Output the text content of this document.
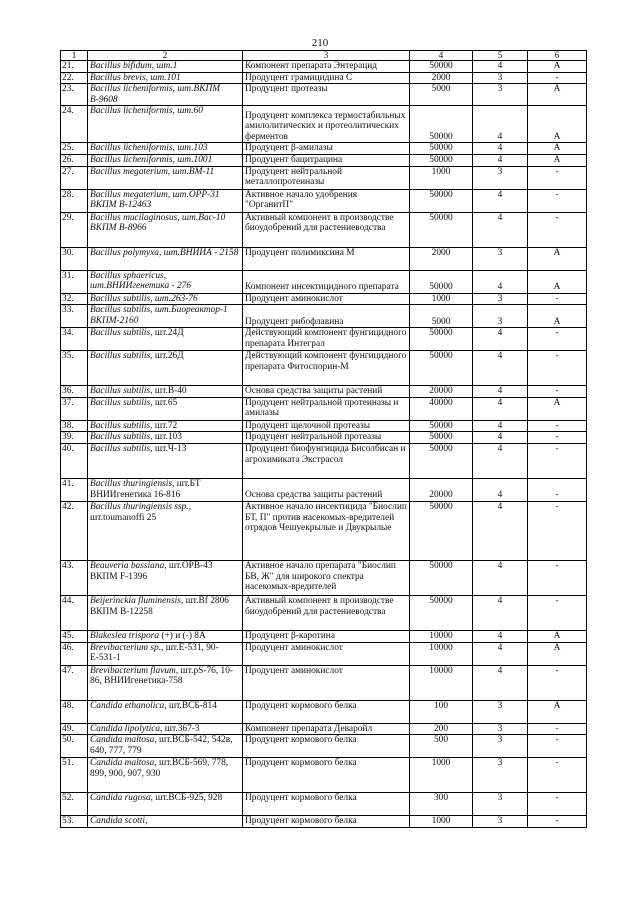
210
1	2	3	4	5	6
21.	Bacillus bifidum, шт.1	Компонент препарата Энтерацид	50000	4	А
22.	Bacillus brevis, шт.101	Продуцент грамицидина С	2000	3	-
23.	Bacillus licheniformis, шт.ВКПМ В-9608	Продуцент протеазы	5000	3	А
24.	Bacillus licheniformis, шт.60	Продуцент комплекса термостабильных амилолитических и протеолитических ферментов	50000	4	А
25.	Bacillus licheniformis, шт.103	Продуцент β-амилазы	50000	4	А
26.	Bacillus licheniformis, шт.1001	Продуцент бацитрацина	50000	4	А
27.	Bacillus megaterium, шт.ВМ-11	Продуцент нейтральной металлопротеиназы	1000	3	-
28.	Bacillus megaterium, шт.ОРР-31 ВКПМ В-12463	Активное начало удобрения "ОрганитП"	50000	4	-
29.	Bacillus mucilaginosus, шт.Вас-10 ВКПМ В-8966	Активный компонент в производстве биоудобрений для растениеводства	50000	4	-
30.	Bacillus polymyxa, шт.ВНИИА - 2158	Продуцент полимиксина М	2000	3	А
31.	Bacillus sphaericus, шт.ВНИИгенетика - 276	Компонент инсектицидного препарата	50000	4	А
32.	Bacillus subtilis, шт.263-76	Продуцент аминокислот	1000	3	-
33.	Bacillus subtilis, шт.Биореактор-1 ВКПМ-2160	Продуцент рибофлавина	5000	3	А
34.	Bacillus subtilis, шт.24Д	Действующий компонент фунгицидного препарата Интеграл	50000	4	-
35.	Bacillus subtilis, шт.26Д	Действующий компонент фунгицидного препарата Фитоспорин-М	50000	4	-
36.	Bacillus subtilis, шт.В-40	Основа средства защиты растений	20000	4	-
37.	Bacillus subtilis, шт.65	Продуцент нейтральной протеиназы и амилазы	40000	4	А
38.	Bacillus subtilis, шт.72	Продуцент щелочной протеазы	50000	4	-
39.	Bacillus subtilis, шт.103	Продуцент нейтральной протеазы	50000	4	-
40.	Bacillus subtilis, шт.Ч-13	Продуцент биофунгицида Бисолбисан и агрохимиката Экстрасол	50000	4	-
41.	Bacillus thuringiensis, шт.БТ ВНИИгенетика 16-816	Основа средства защиты растений	20000	4	-
42.	Bacillus thuringiensis ssp., шт.toumanoffi 25	Активное начало инсектицида "Биослип БТ, П" против насекомых-вредителей отрядов Чешуекрылые и Двукрылые	50000	4	-
43.	Beauveria bassiana, шт.ОРВ-43 ВКПМ F-1396	Активное начало препарата "Биослип БВ, Ж" для широкого спектра насекомых-вредителей	50000	4	-
44.	Beijerinckia fluminensis, шт.Bf 2806 ВКПМ В-12258	Активный компонент в производстве биоудобрений для растениеводства	50000	4	-
45.	Blakeslea trispora (+) и (-) 8А	Продуцент β-каротина	10000	4	А
46.	Brevibacterium sp., шт.Е-531, 90-Е-531-1	Продуцент аминокислот	10000	4	А
47.	Brevibacterium flavum, шт.pS-76, 10-86, ВНИИгенетика-758	Продуцент аминокислот	10000	4	-
48.	Candida ethanolica, шт.ВСБ-814	Продуцент кормового белка	100	3	А
49.	Candida lipolytica, шт.367-3	Компонент препарата Деваройл	200	3	-
50.	Candida maltosa, шт.ВСБ-542, 542в, 640, 777, 779	Продуцент кормового белка	500	3	-
51.	Candida maltosa, шт.ВСБ-569, 778, 899, 900, 907, 930	Продуцент кормового белка	1000	3	-
52.	Candida rugosa, шт.ВСБ-925, 928	Продуцент кормового белка	300	3	-
53.	Candida scotti,	Продуцент кормового белка	1000	3	-
